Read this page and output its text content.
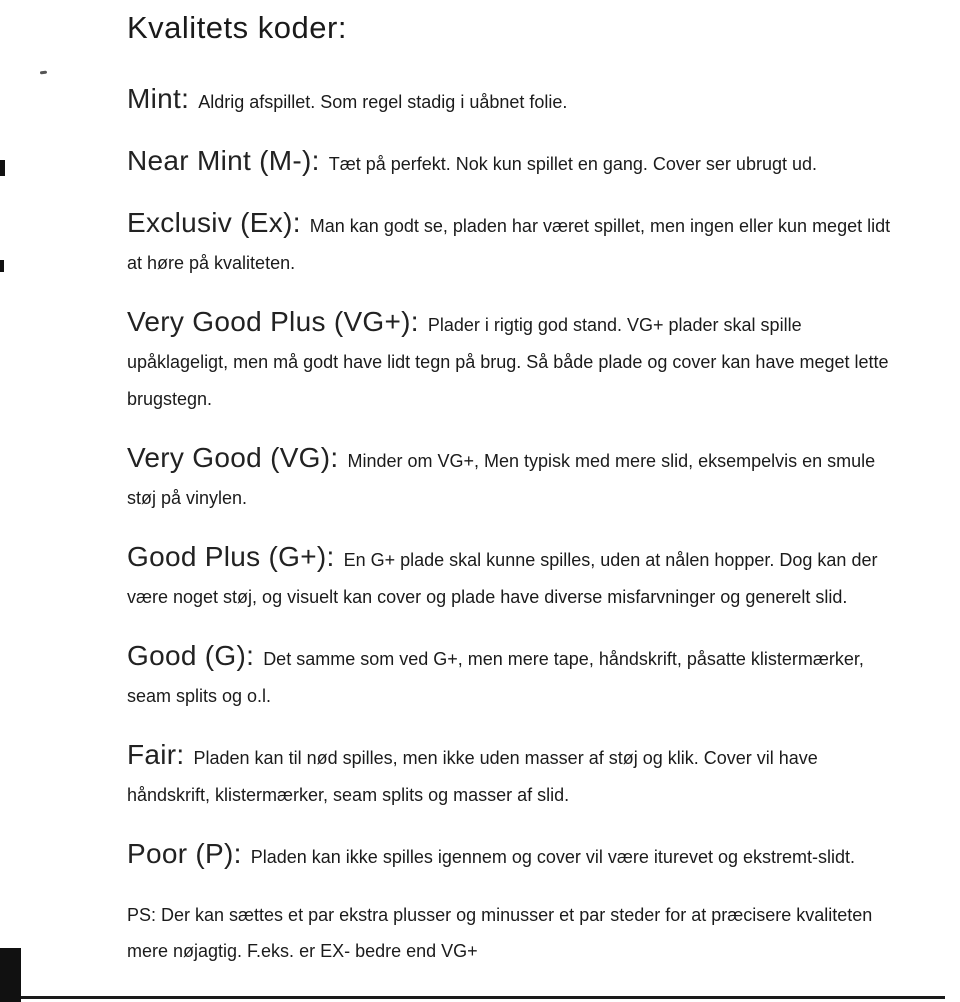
Kvalitets koder:

Mint: Aldrig afspillet. Som regel stadig i uåbnet folie.

Near Mint (M-): Tæt på perfekt. Nok kun spillet en gang. Cover ser ubrugt ud.

Exclusiv (Ex): Man kan godt se, pladen har været spillet, men ingen eller kun meget lidt at høre på kvaliteten.

Very Good Plus (VG+): Plader i rigtig god stand. VG+ plader skal spille upåklageligt, men må godt have lidt tegn på brug. Så både plade og cover kan have meget lette brugstegn.

Very Good (VG): Minder om VG+, Men typisk med mere slid, eksempelvis en smule støj på vinylen.

Good Plus (G+): En G+ plade skal kunne spilles, uden at nålen hopper. Dog kan der være noget støj, og visuelt kan cover og plade have diverse misfarvninger og generelt slid.

Good (G): Det samme som ved G+, men mere tape, håndskrift, påsatte klistermærker, seam splits og o.l.

Fair: Pladen kan til nød spilles, men ikke uden masser af støj og klik. Cover vil have håndskrift, klistermærker, seam splits og masser af slid.

Poor (P): Pladen kan ikke spilles igennem og cover vil være iturevet og ekstremt-slidt.

PS: Der kan sættes et par ekstra plusser og minusser et par steder for at præcisere kvaliteten mere nøjagtig. F.eks. er EX- bedre end VG+
